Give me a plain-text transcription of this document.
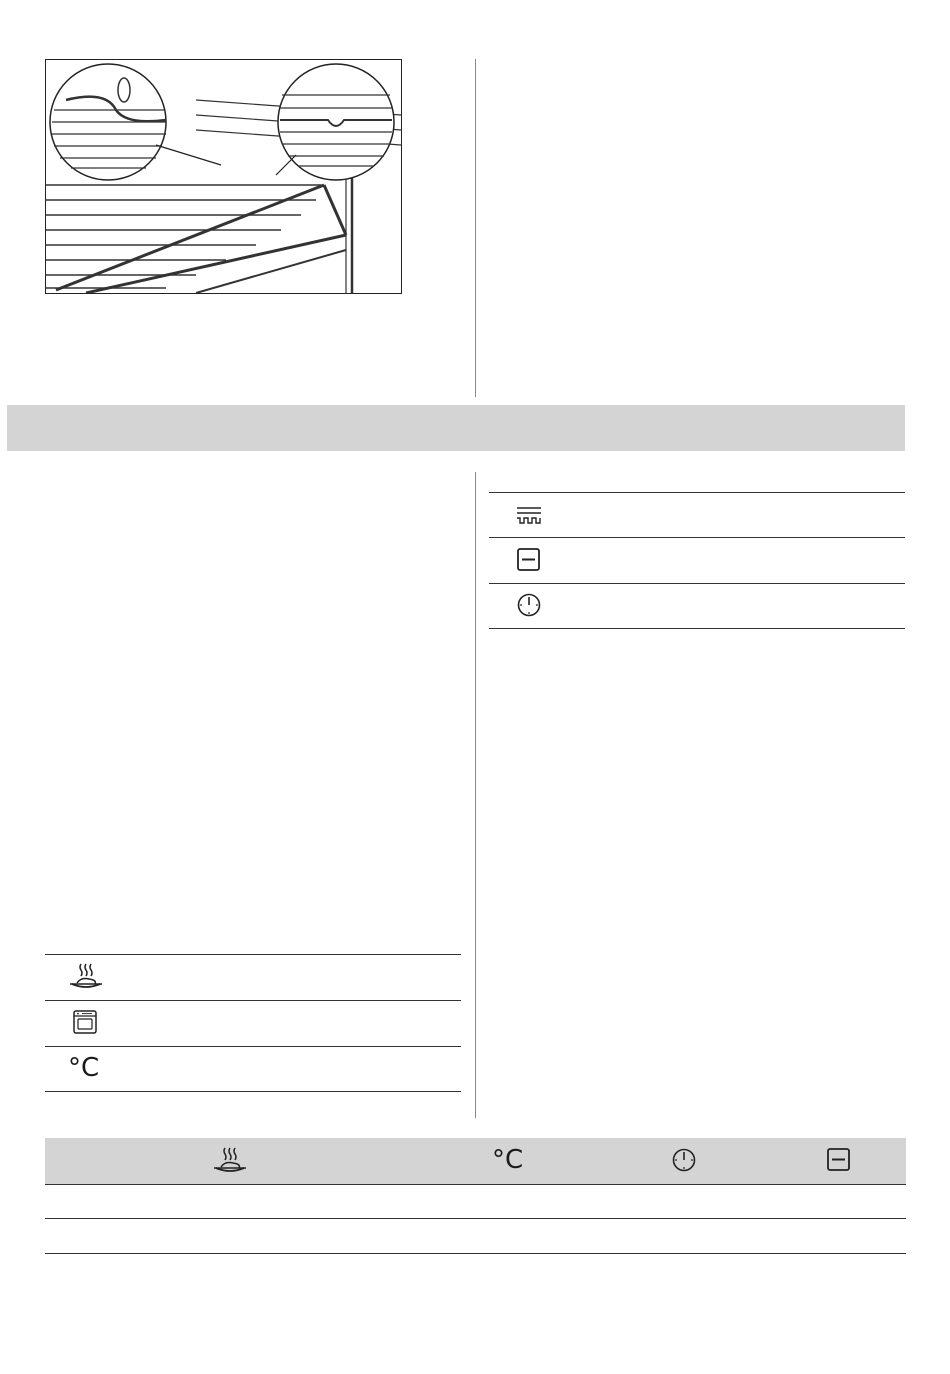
°C
°C
